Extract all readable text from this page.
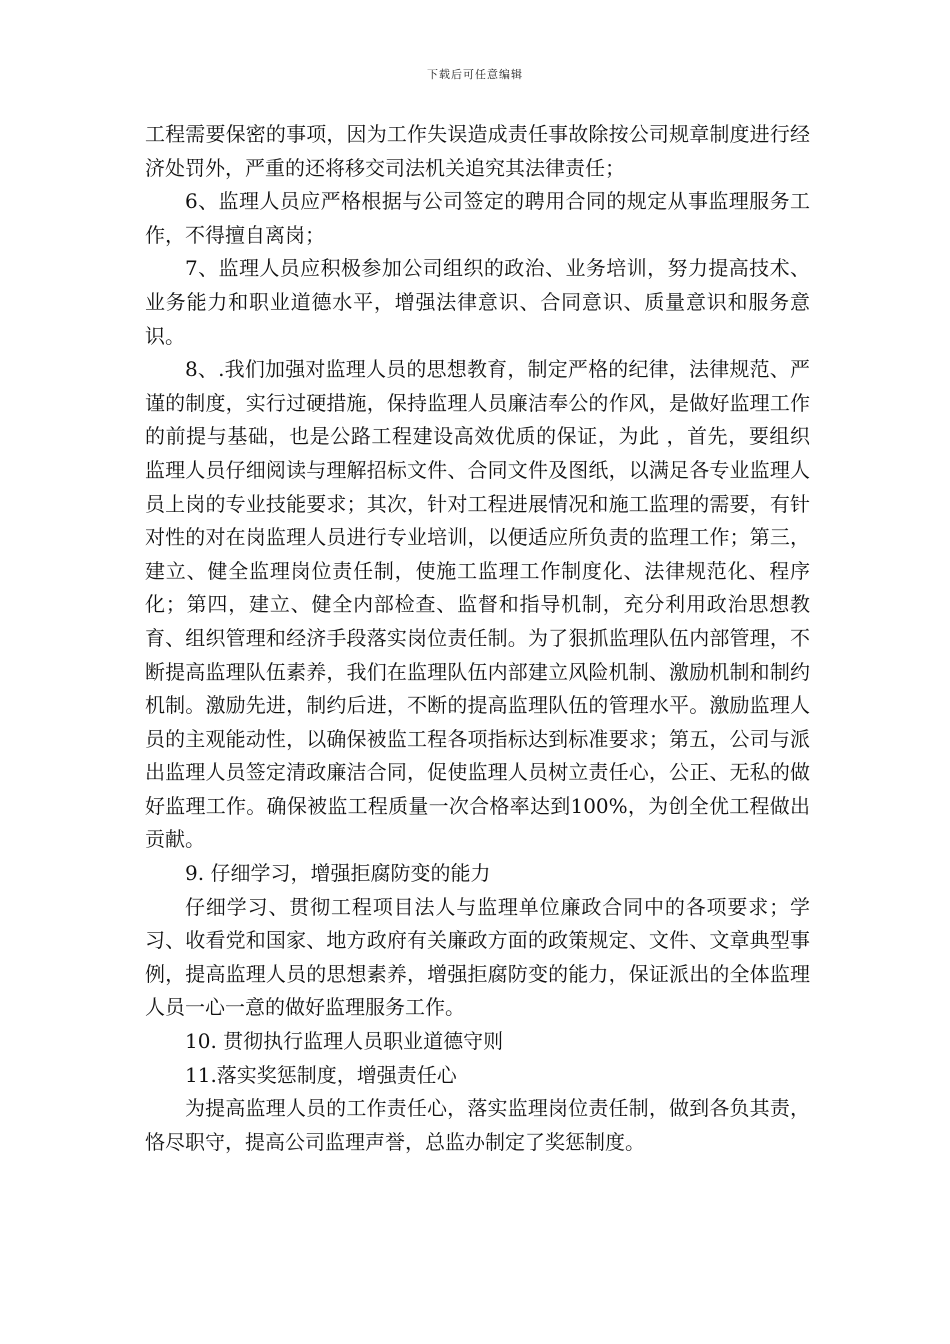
下载后可任意编辑

工程需要保密的事项，因为工作失误造成责任事故除按公司规章制度进行经济处罚外，严重的还将移交司法机关追究其法律责任；

6、监理人员应严格根据与公司签定的聘用合同的规定从事监理服务工作，不得擅自离岗；

7、监理人员应积极参加公司组织的政治、业务培训，努力提高技术、业务能力和职业道德水平，增强法律意识、合同意识、质量意识和服务意识。

8、.我们加强对监理人员的思想教育，制定严格的纪律，法律规范、严谨的制度，实行过硬措施，保持监理人员廉洁奉公的作风，是做好监理工作的前提与基础，也是公路工程建设高效优质的保证，为此 ，首先，要组织监理人员仔细阅读与理解招标文件、合同文件及图纸，以满足各专业监理人员上岗的专业技能要求；其次，针对工程进展情况和施工监理的需要，有针对性的对在岗监理人员进行专业培训，以便适应所负责的监理工作；第三，建立、健全监理岗位责任制，使施工监理工作制度化、法律规范化、程序化；第四，建立、健全内部检查、监督和指导机制，充分利用政治思想教育、组织管理和经济手段落实岗位责任制。为了狠抓监理队伍内部管理，不断提高监理队伍素养，我们在监理队伍内部建立风险机制、激励机制和制约机制。激励先进，制约后进，不断的提高监理队伍的管理水平。激励监理人员的主观能动性，以确保被监工程各项指标达到标准要求；第五，公司与派出监理人员签定清政廉洁合同，促使监理人员树立责任心，公正、无私的做好监理工作。确保被监工程质量一次合格率达到100%，为创全优工程做出贡献。

9. 仔细学习，增强拒腐防变的能力

仔细学习、贯彻工程项目法人与监理单位廉政合同中的各项要求；学习、收看党和国家、地方政府有关廉政方面的政策规定、文件、文章典型事例，提高监理人员的思想素养，增强拒腐防变的能力，保证派出的全体监理人员一心一意的做好监理服务工作。

10. 贯彻执行监理人员职业道德守则

11.落实奖惩制度，增强责任心

为提高监理人员的工作责任心，落实监理岗位责任制，做到各负其责，恪尽职守，提高公司监理声誉，总监办制定了奖惩制度。
